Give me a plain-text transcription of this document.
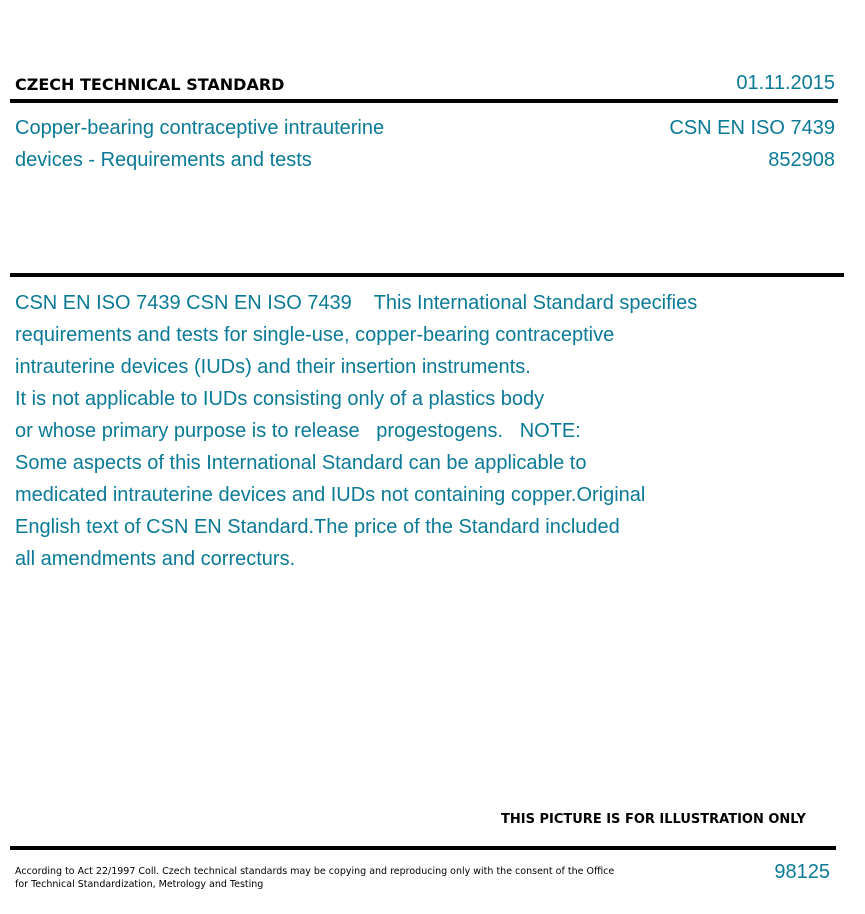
CZECH TECHNICAL STANDARD	01.11.2015
Copper-bearing contraceptive intrauterine
devices - Requirements and tests
CSN EN ISO 7439
852908
CSN EN ISO 7439 CSN EN ISO 7439    This International Standard specifies
requirements and tests for single-use, copper-bearing contraceptive
intrauterine devices (IUDs) and their insertion instruments.
It is not applicable to IUDs consisting only of a plastics body
or whose primary purpose is to release   progestogens.   NOTE:
Some aspects of this International Standard can be applicable to
medicated intrauterine devices and IUDs not containing copper.Original
English text of CSN EN Standard.The price of the Standard included
all amendments and correcturs.
THIS PICTURE IS FOR ILLUSTRATION ONLY
According to Act 22/1997 Coll. Czech technical standards may be copying and reproducing only with the consent of the Office
for Technical Standardization, Metrology and Testing
98125
